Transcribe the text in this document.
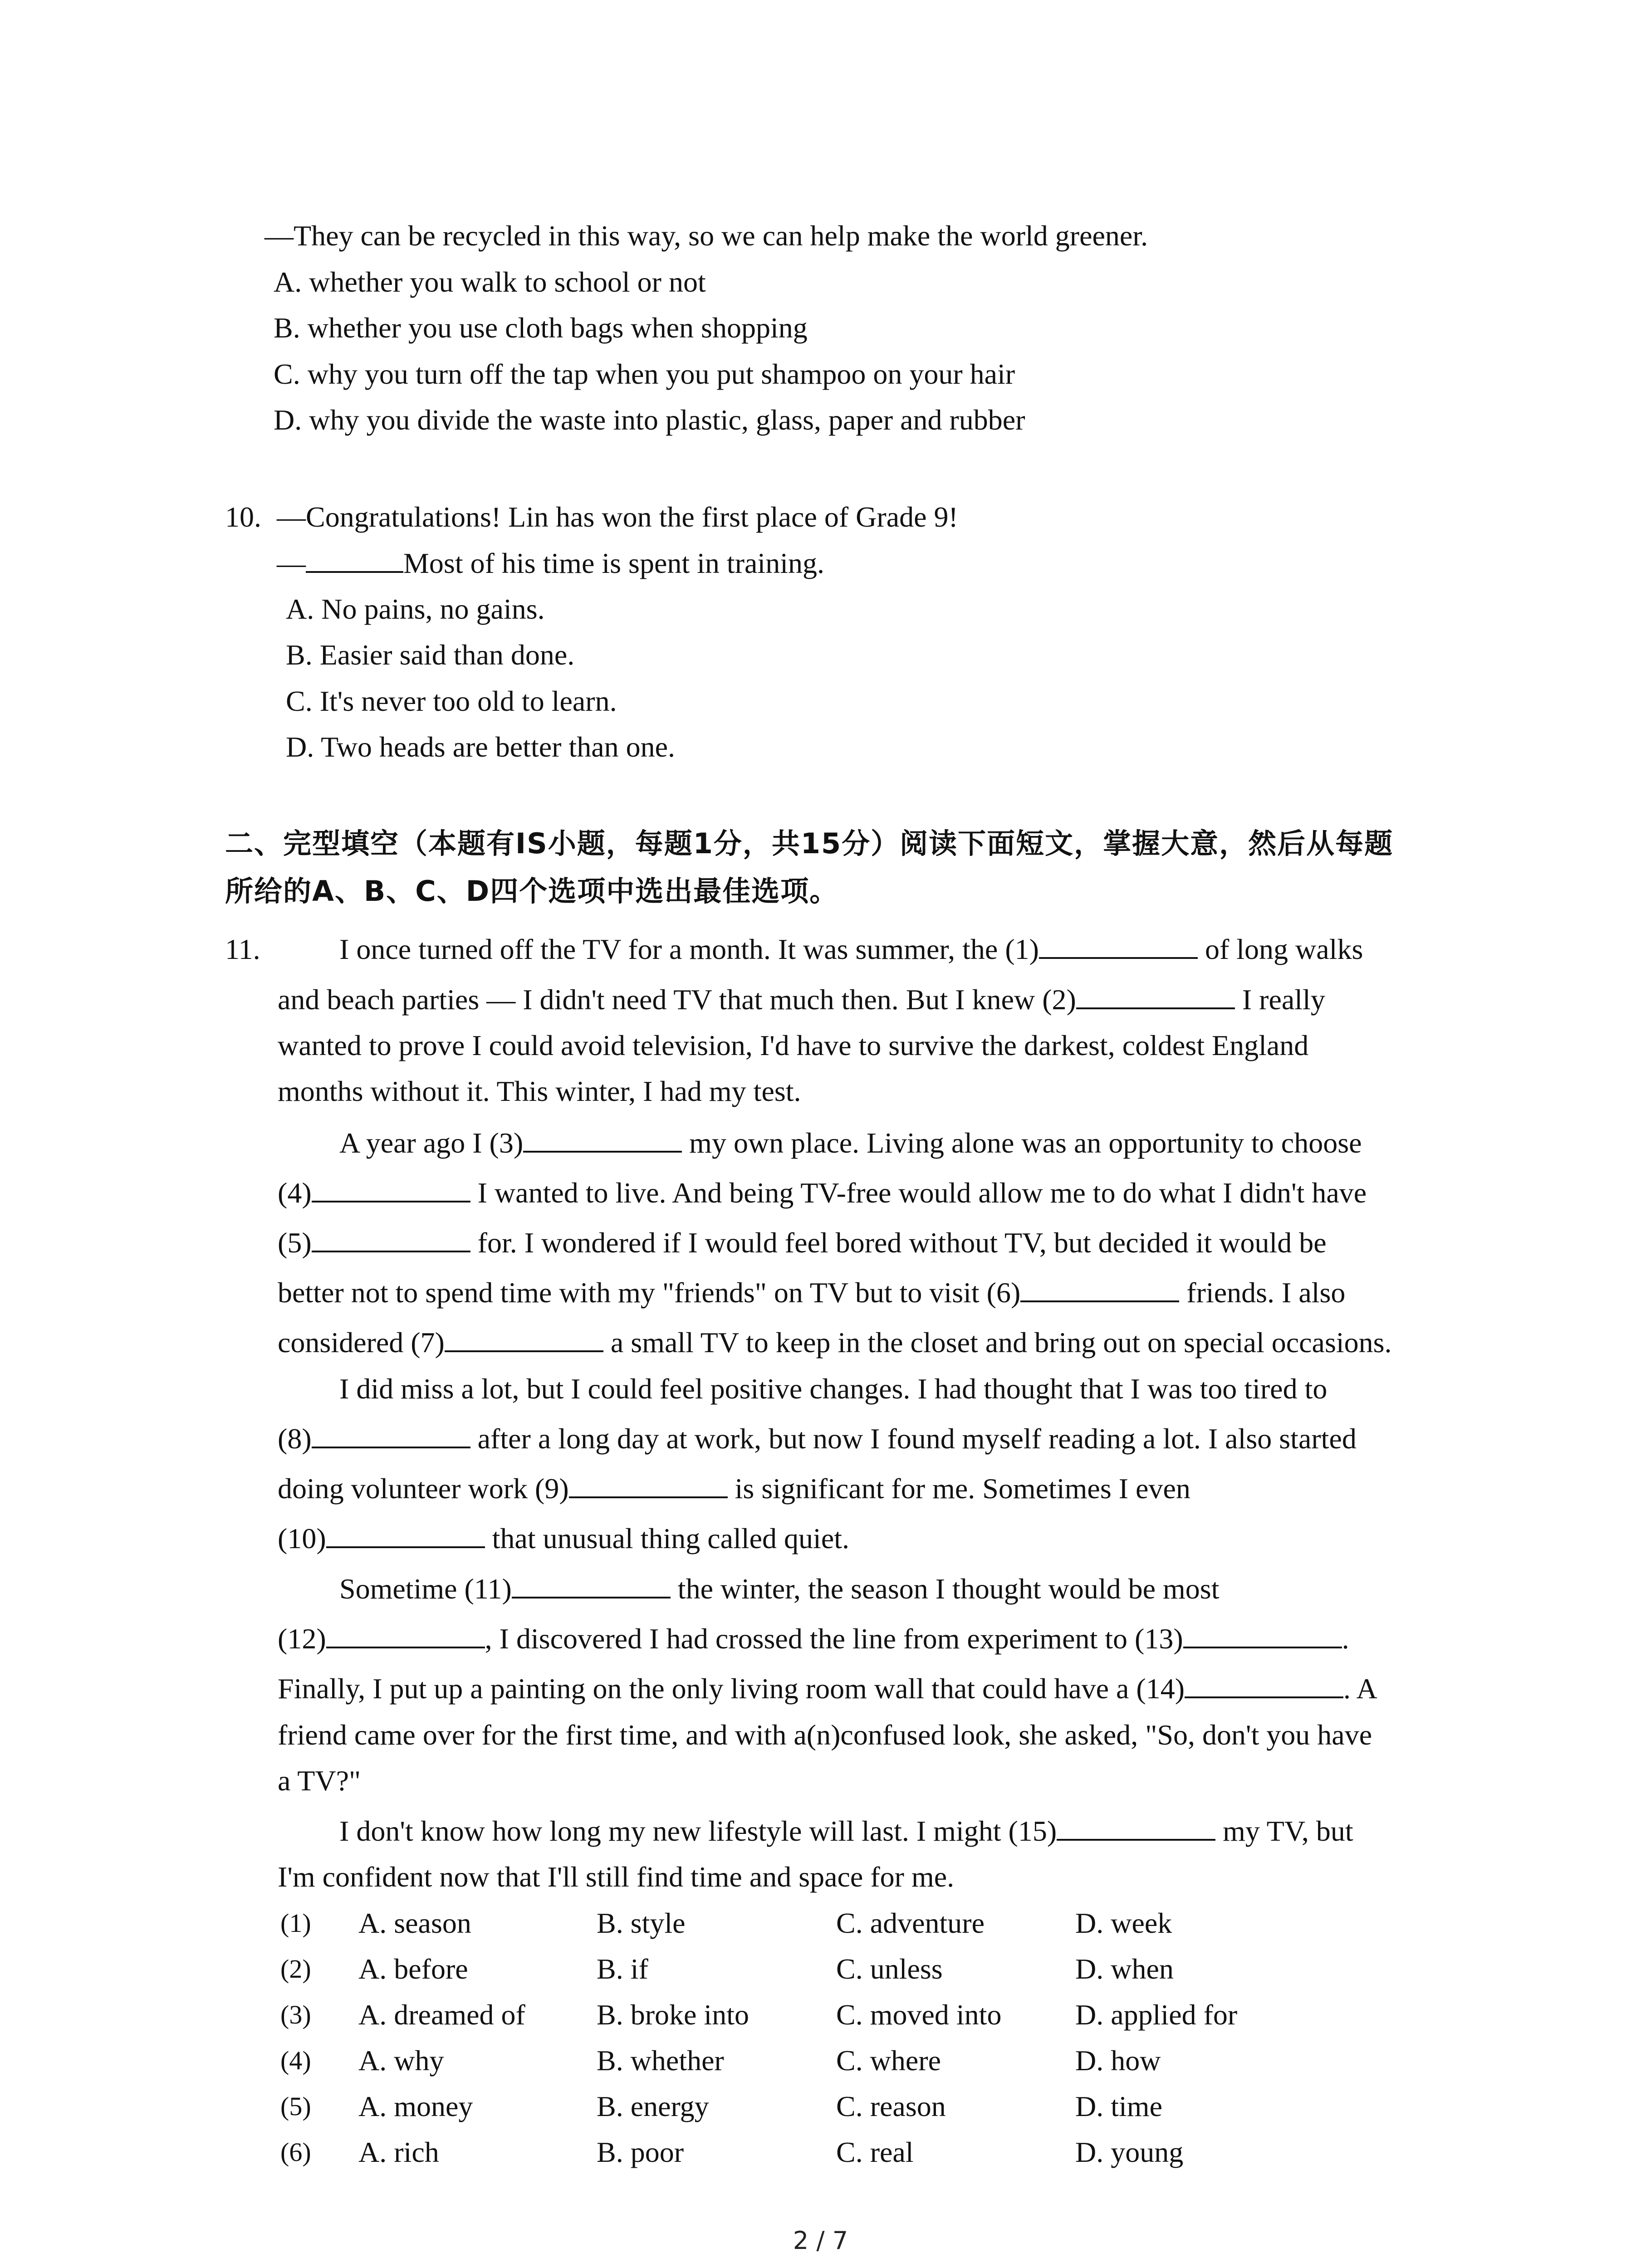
—They can be recycled in this way, so we can help make the world greener.
A. whether you walk to school or not
B. whether you use cloth bags when shopping
C. why you turn off the tap when you put shampoo on your hair
D. why you divide the waste into plastic, glass, paper and rubber
10. —Congratulations! Lin has won the first place of Grade 9!
—	Most of his time is spent in training.
A. No pains, no gains.
B. Easier said than done.
C. It's never too old to learn.
D. Two heads are better than one.
二、完型填空（本题有IS小题，每题1分，共15分）阅读下面短文，掌握大意，然后从每题
所给的A、B、C、D四个选项中选出最佳选项。
11.	I once turned off the TV for a month. It was summer, the (1)	of long walks
and beach parties — I didn't need TV that much then. But I knew (2)	I really
wanted to prove I could avoid television, I'd have to survive the darkest, coldest England
months without it. This winter, I had my test.
A year ago I (3)	my own place. Living alone was an opportunity to choose
(4)	I wanted to live. And being TV-free would allow me to do what I didn't have
(5)	for. I wondered if I would feel bored without TV, but decided it would be
better not to spend time with my "friends" on TV but to visit (6)	friends. I also
considered (7)	a small TV to keep in the closet and bring out on special occasions.
I did miss a lot, but I could feel positive changes. I had thought that I was too tired to
(8)	after a long day at work, but now I found myself reading a lot. I also started
doing volunteer work (9)	is significant for me. Sometimes I even
(10)	that unusual thing called quiet.
Sometime (11)	the winter, the season I thought would be most
(12)	, I discovered I had crossed the line from experiment to (13)	.
Finally, I put up a painting on the only living room wall that could have a (14)	. A
friend came over for the first time, and with a(n)confused look, she asked, "So, don't you have
a TV?"
I don't know how long my new lifestyle will last. I might (15)	my TV, but
I'm confident now that I'll still find time and space for me.
(1) A. season	B. style	C. adventure	D. week
(2) A. before	B. if	C. unless	D. when
(3) A. dreamed of B. broke into	C. moved into	D. applied for
(4) A. why	B. whether	C. where	D. how
(5) A. money	B. energy	C. reason	D. time
(6) A. rich	B. poor	C. real	D. young
2 / 7
